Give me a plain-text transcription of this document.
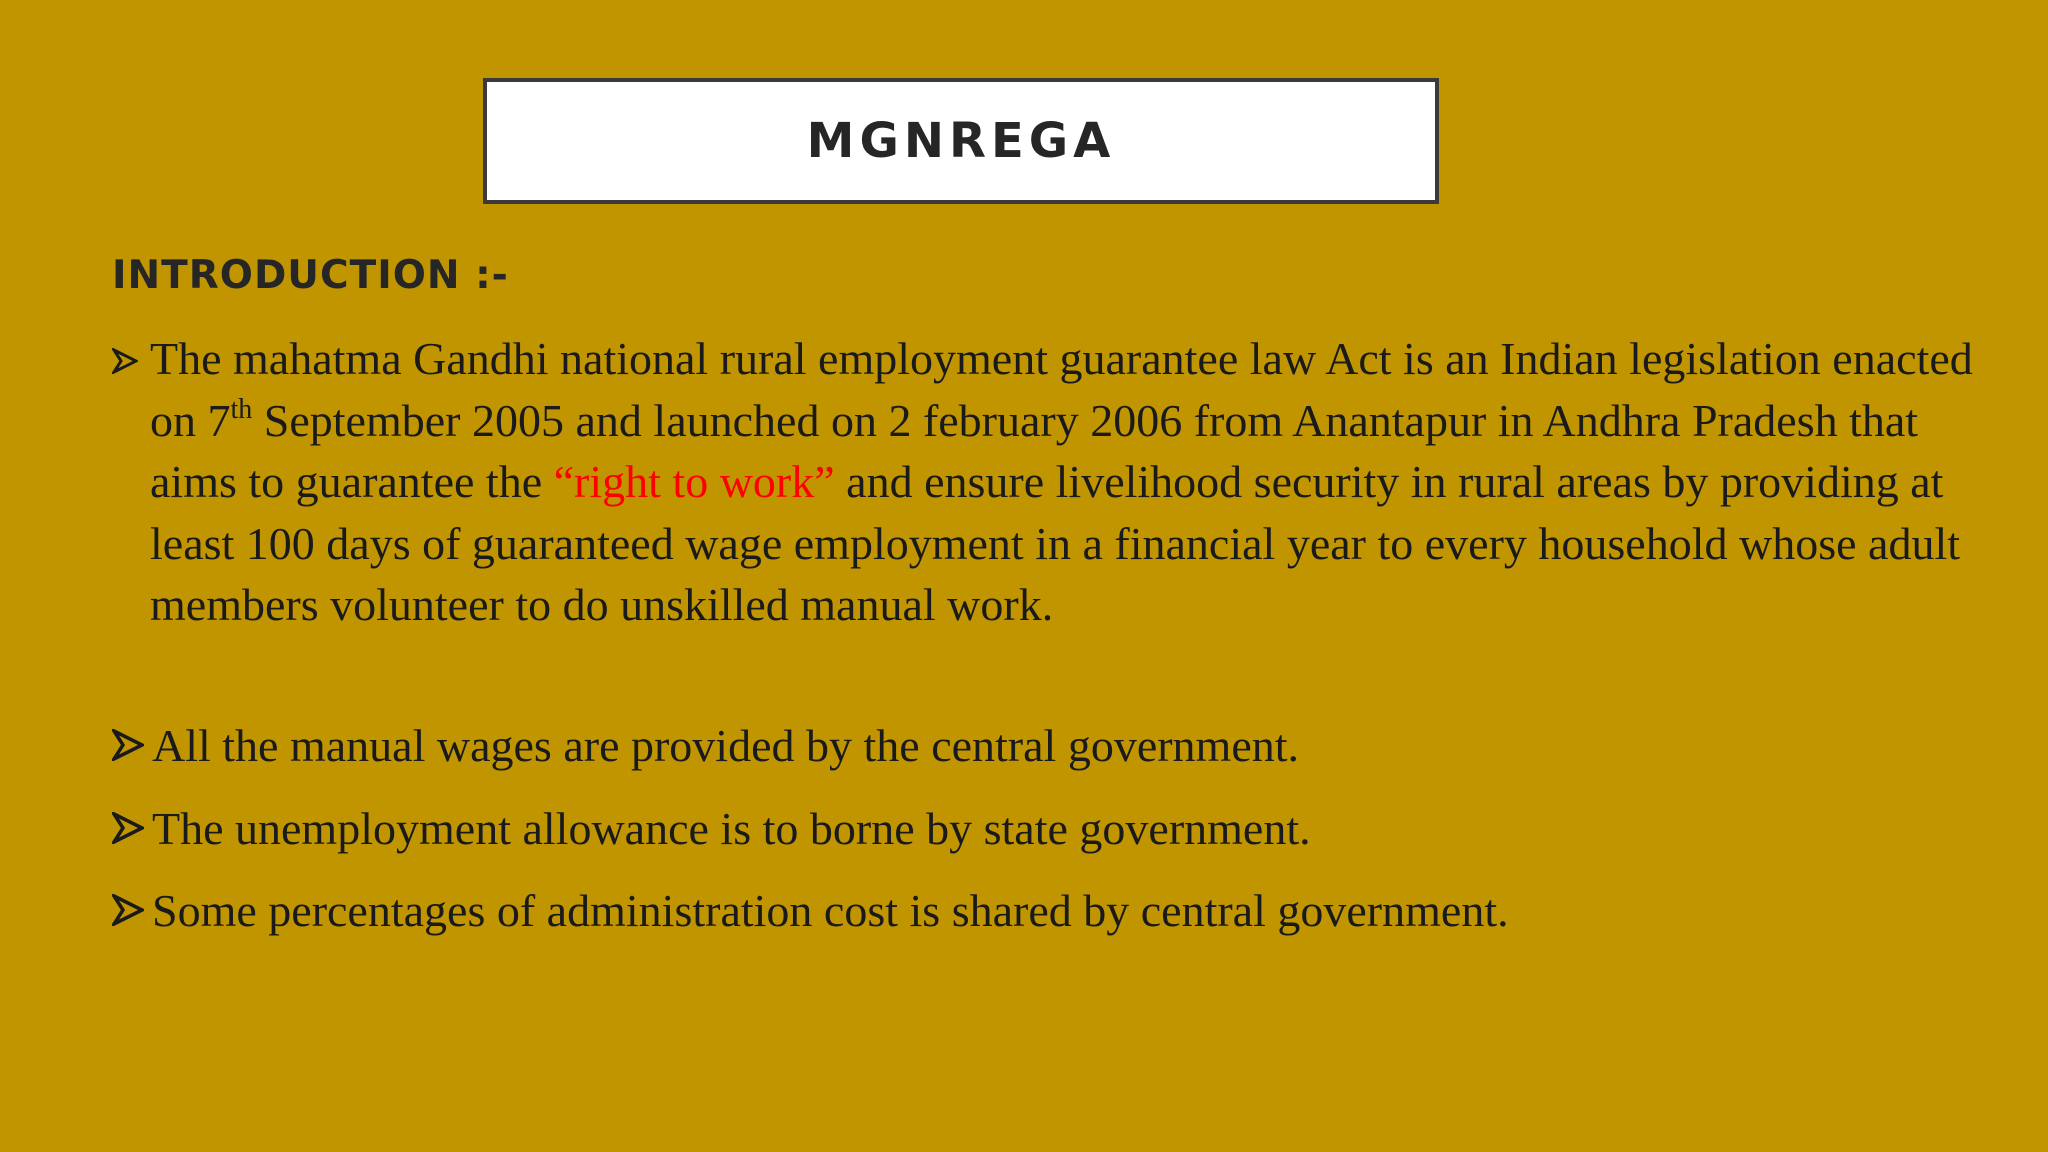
MGNREGA
INTRODUCTION :-
The mahatma Gandhi national rural employment guarantee law Act is an Indian legislation enacted on 7th September 2005 and launched on 2 february 2006 from Anantapur in Andhra Pradesh that aims to guarantee the “right to work” and ensure livelihood security in rural areas by providing at least 100 days of guaranteed wage employment in a financial year to every household whose adult members volunteer to do unskilled manual work.
All the manual wages are provided by the central government.
The unemployment allowance is to borne by state government.
Some percentages of administration cost is shared by central government.
